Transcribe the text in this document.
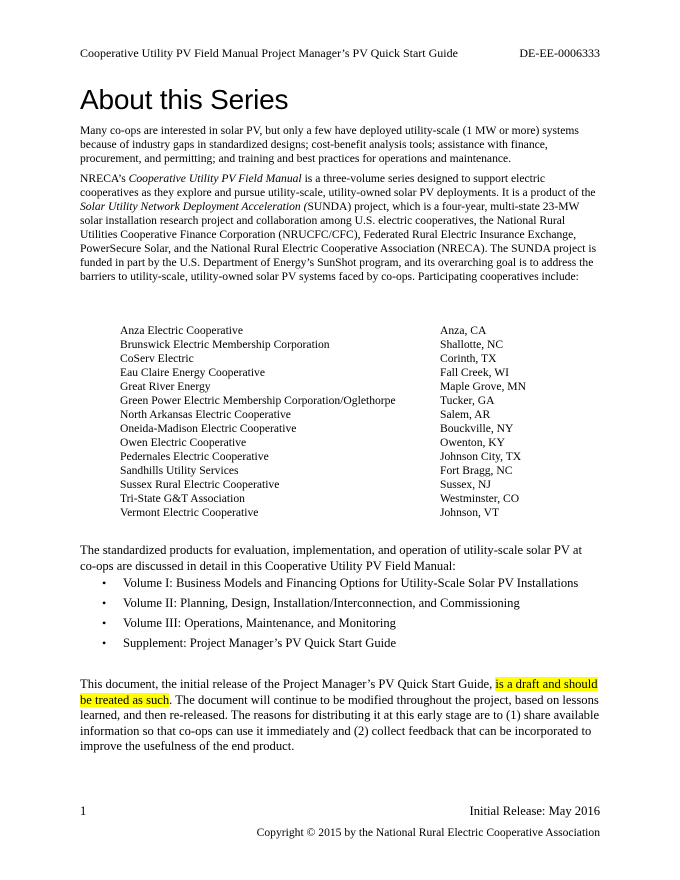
Cooperative Utility PV Field Manual Project Manager’s PV Quick Start Guide	DE-EE-0006333
About this Series

Many co-ops are interested in solar PV, but only a few have deployed utility-scale (1 MW or more) systems because of industry gaps in standardized designs; cost-benefit analysis tools; assistance with finance, procurement, and permitting; and training and best practices for operations and maintenance.

NRECA’s Cooperative Utility PV Field Manual is a three-volume series designed to support electric cooperatives as they explore and pursue utility-scale, utility-owned solar PV deployments. It is a product of the Solar Utility Network Deployment Acceleration (SUNDA) project, which is a four-year, multi-state 23-MW solar installation research project and collaboration among U.S. electric cooperatives, the National Rural Utilities Cooperative Finance Corporation (NRUCFC/CFC), Federated Rural Electric Insurance Exchange, PowerSecure Solar, and the National Rural Electric Cooperative Association (NRECA). The SUNDA project is funded in part by the U.S. Department of Energy’s SunShot program, and its overarching goal is to address the barriers to utility-scale, utility-owned solar PV systems faced by co-ops. Participating cooperatives include:

Anza Electric Cooperative	Anza, CA
Brunswick Electric Membership Corporation	Shallotte, NC
CoServ Electric	Corinth, TX
Eau Claire Energy Cooperative	Fall Creek, WI
Great River Energy	Maple Grove, MN
Green Power Electric Membership Corporation/Oglethorpe	Tucker, GA
North Arkansas Electric Cooperative	Salem, AR
Oneida-Madison Electric Cooperative	Bouckville, NY
Owen Electric Cooperative	Owenton, KY
Pedernales Electric Cooperative	Johnson City, TX
Sandhills Utility Services	Fort Bragg, NC
Sussex Rural Electric Cooperative	Sussex, NJ
Tri-State G&T Association	Westminster, CO
Vermont Electric Cooperative	Johnson, VT

The standardized products for evaluation, implementation, and operation of utility-scale solar PV at co-ops are discussed in detail in this Cooperative Utility PV Field Manual:

• Volume I: Business Models and Financing Options for Utility-Scale Solar PV Installations
• Volume II: Planning, Design, Installation/Interconnection, and Commissioning
• Volume III: Operations, Maintenance, and Monitoring
• Supplement: Project Manager’s PV Quick Start Guide

This document, the initial release of the Project Manager’s PV Quick Start Guide, is a draft and should be treated as such. The document will continue to be modified throughout the project, based on lessons learned, and then re-released. The reasons for distributing it at this early stage are to (1) share available information so that co-ops can use it immediately and (2) collect feedback that can be incorporated to improve the usefulness of the end product.

1	Initial Release: May 2016
Copyright © 2015 by the National Rural Electric Cooperative Association
